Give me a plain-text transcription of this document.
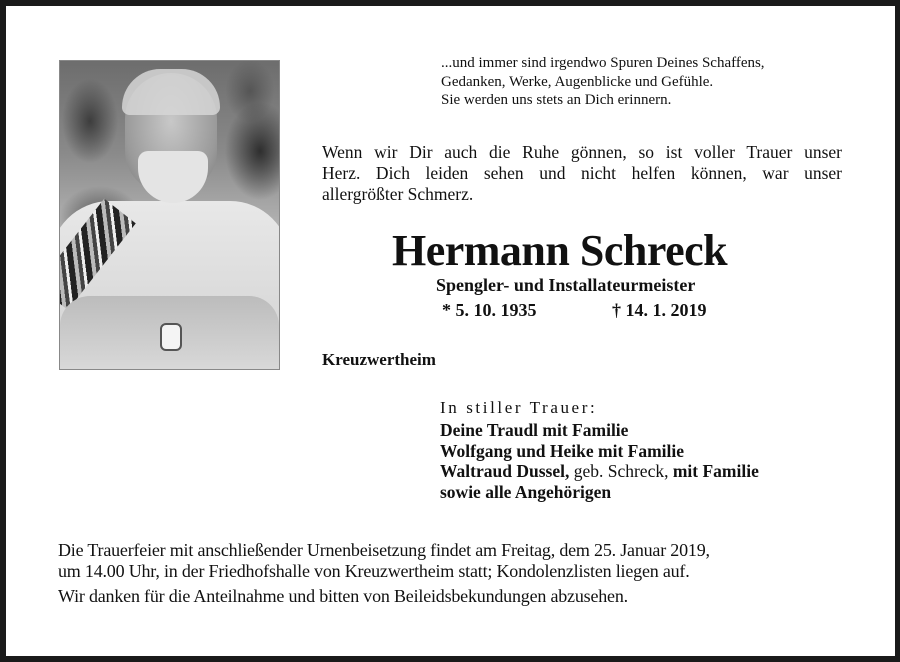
...und immer sind irgendwo Spuren Deines Schaffens,
Gedanken, Werke, Augenblicke und Gefühle.
Sie werden uns stets an Dich erinnern.
Wenn wir Dir auch die Ruhe gönnen, so ist voller Trauer unser
Herz. Dich leiden sehen und nicht helfen können, war unser
allergrößter Schmerz.
Hermann Schreck
Spengler- und Installateurmeister
* 5. 10. 1935	† 14. 1. 2019
Kreuzwertheim
In stiller Trauer:
Deine Traudl mit Familie
Wolfgang und Heike mit Familie
Waltraud Dussel, geb. Schreck, mit Familie
sowie alle Angehörigen
Die Trauerfeier mit anschließender Urnenbeisetzung findet am Freitag, dem 25. Januar 2019,
um 14.00 Uhr, in der Friedhofshalle von Kreuzwertheim statt; Kondolenzlisten liegen auf.
Wir danken für die Anteilnahme und bitten von Beileidsbekundungen abzusehen.
